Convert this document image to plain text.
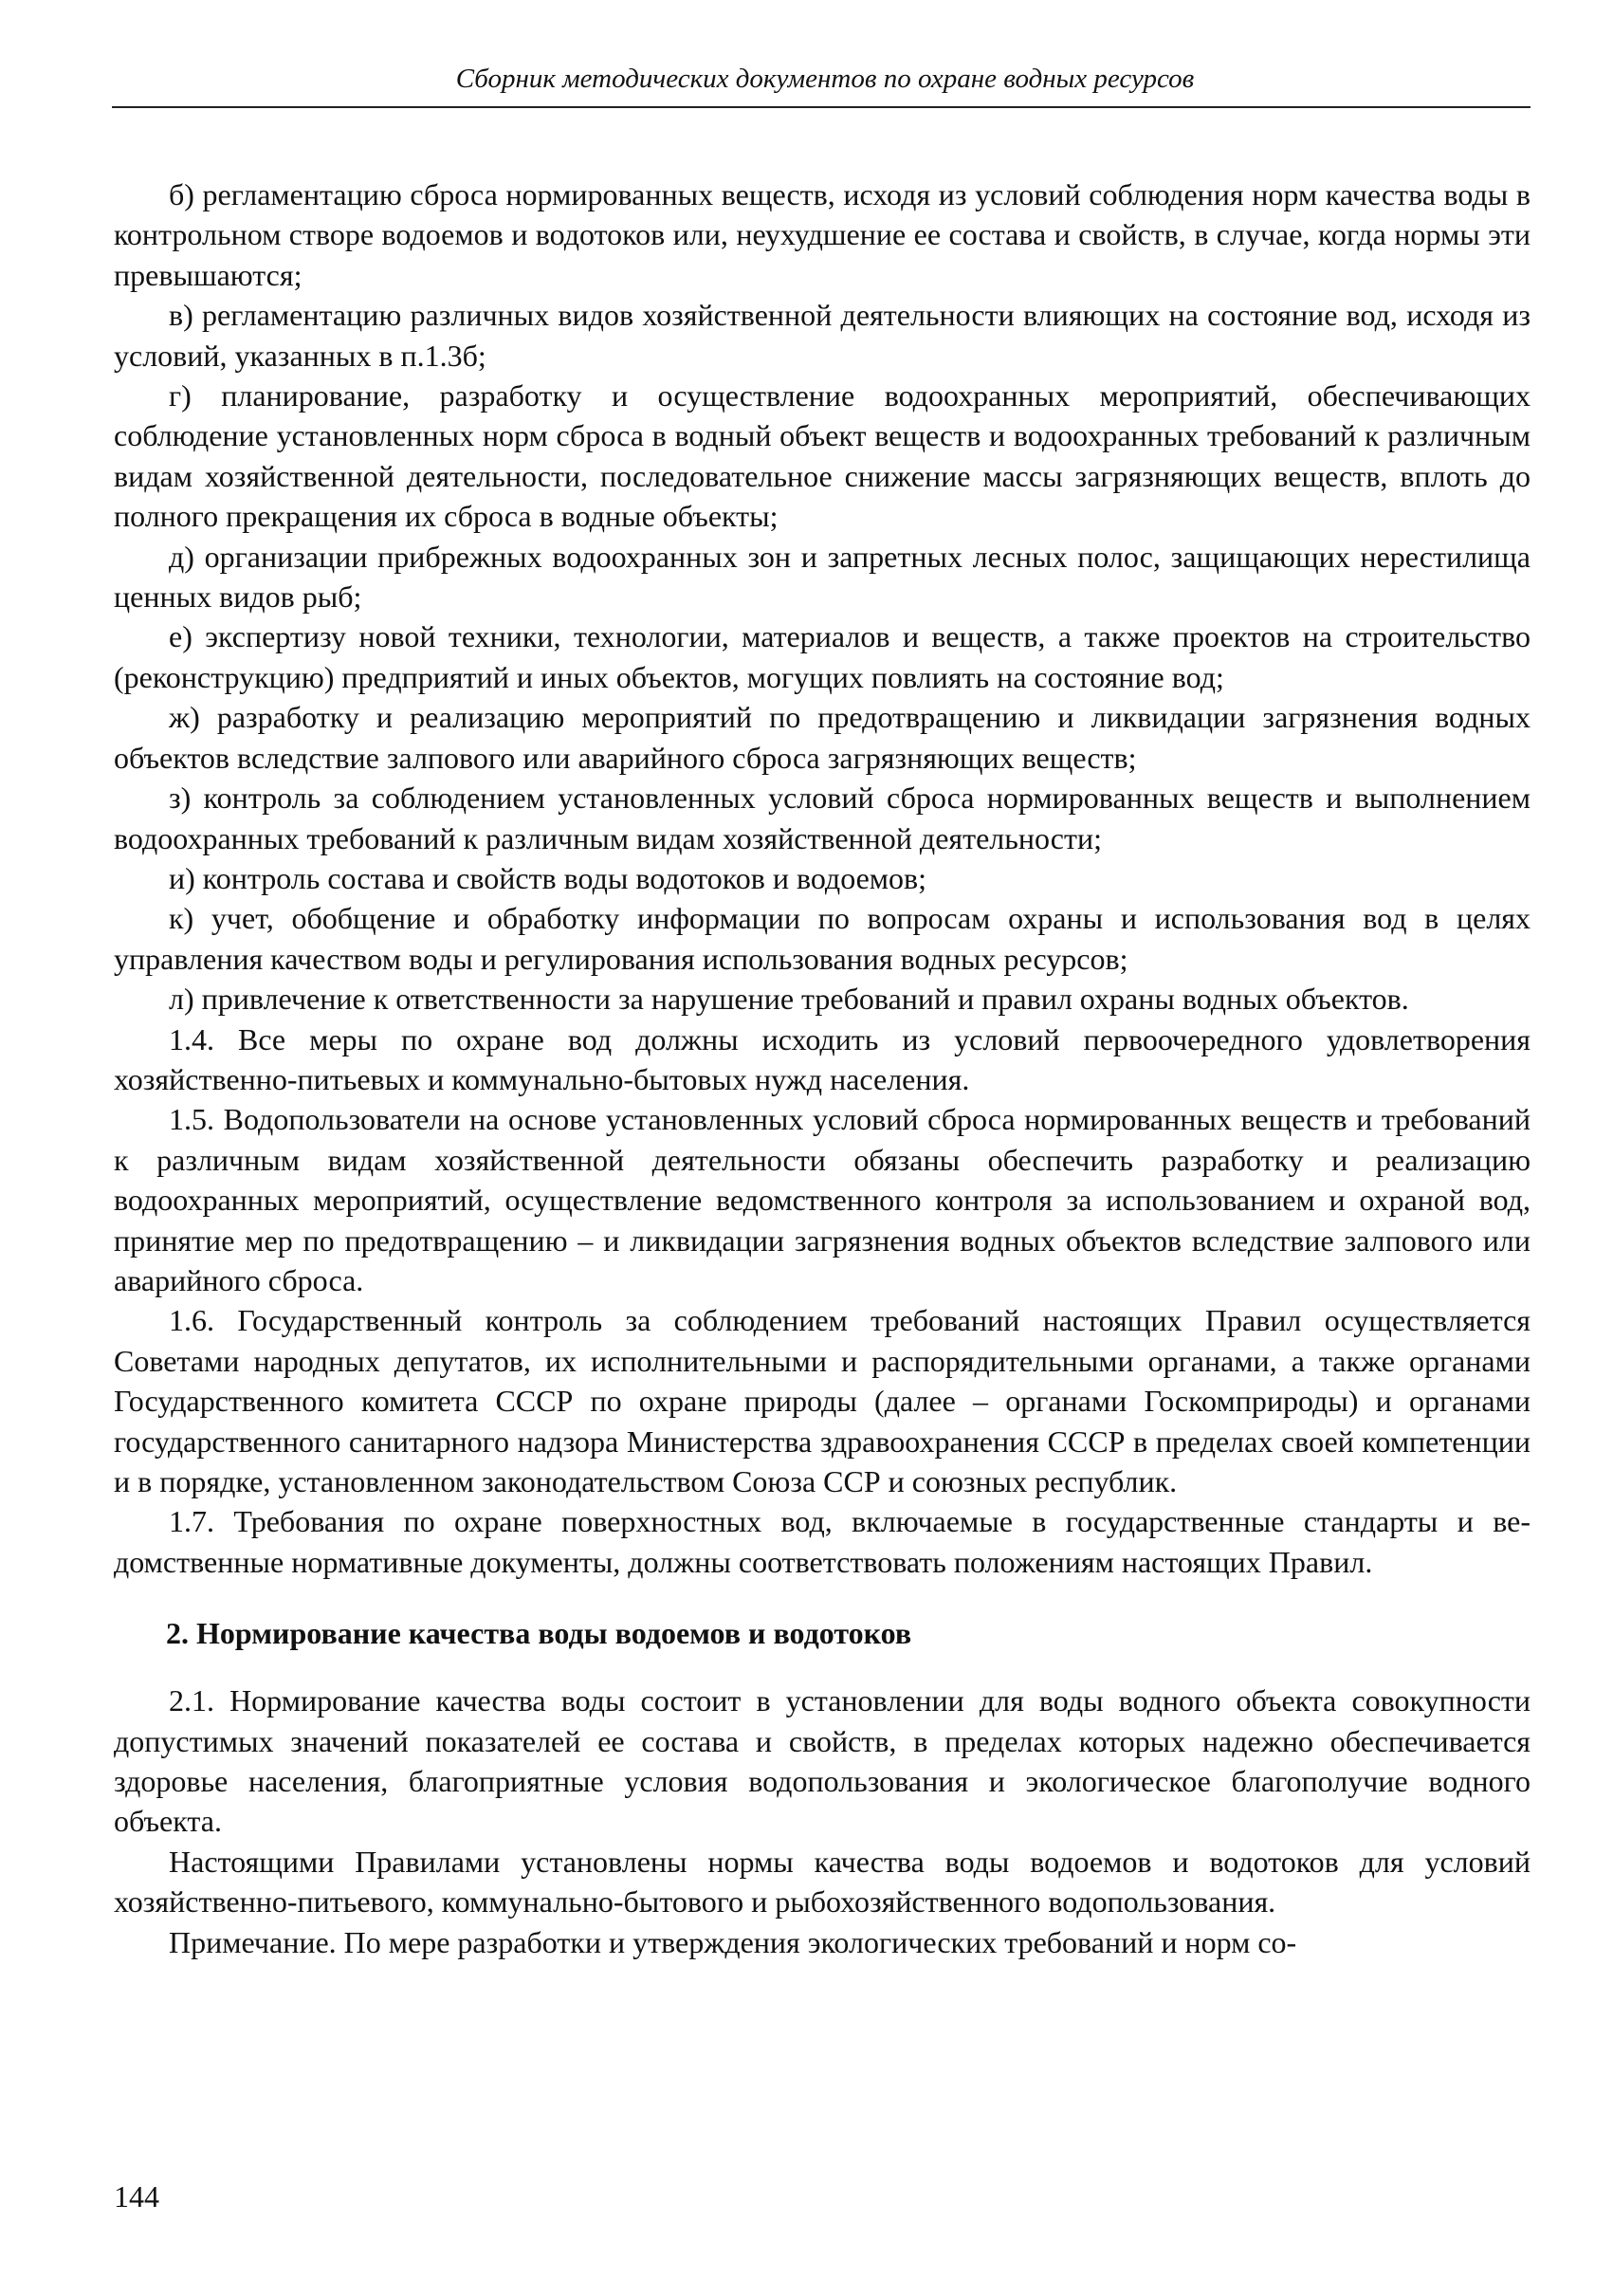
Сборник методических документов по охране водных ресурсов

б) регламентацию сброса нормированных веществ, исходя из условий соблюдения норм качества воды в контрольном створе водоемов и водотоков или, неухудшение ее состава и свойств, в случае, когда нормы эти превышаются;

в) регламентацию различных видов хозяйственной деятельности влияющих на состояние вод, исходя из условий, указанных в п.1.3б;

г) планирование, разработку и осуществление водоохранных мероприятий, обеспечивающих соблюдение установленных норм сброса в водный объект веществ и водоохранных требований к различным видам хозяйственной деятельности, последовательное снижение массы загрязняющих веществ, вплоть до полного прекращения их сброса в водные объекты;

д) организации прибрежных водоохранных зон и запретных лесных полос, защищающих нерестилища ценных видов рыб;

е) экспертизу новой техники, технологии, материалов и веществ, а также проектов на строительство (реконструкцию) предприятий и иных объектов, могущих повлиять на состояние вод;

ж) разработку и реализацию мероприятий по предотвращению и ликвидации загрязнения водных объектов вследствие залпового или аварийного сброса загрязняющих веществ;

з) контроль за соблюдением установленных условий сброса нормированных веществ и выполнением водоохранных требований к различным видам хозяйственной деятельности;

и) контроль состава и свойств воды водотоков и водоемов;

к) учет, обобщение и обработку информации по вопросам охраны и использования вод в целях управления качеством воды и регулирования использования водных ресурсов;

л) привлечение к ответственности за нарушение требований и правил охраны водных объектов.

1.4. Все меры по охране вод должны исходить из условий первоочередного удовлетворения хозяйственно-питьевых и коммунально-бытовых нужд населения.

1.5. Водопользователи на основе установленных условий сброса нормированных веществ и требований к различным видам хозяйственной деятельности обязаны обеспечить разработку и реализацию водоохранных мероприятий, осуществление ведомственного контроля за использованием и охраной вод, принятие мер по предотвращению – и ликвидации загрязнения водных объектов вследствие залпового или аварийного сброса.

1.6. Государственный контроль за соблюдением требований настоящих Правил осуществляется Советами народных депутатов, их исполнительными и распорядительными органами, а также органами Государственного комитета СССР по охране природы (далее – органами Госкомприроды) и органами государственного санитарного надзора Министерства здравоохранения СССР в пределах своей компетенции и в порядке, установленном законодательством Союза ССР и союзных республик.

1.7. Требования по охране поверхностных вод, включаемые в государственные стандарты и ведомственные нормативные документы, должны соответствовать положениям настоящих Правил.

2. Нормирование качества воды водоемов и водотоков

2.1. Нормирование качества воды состоит в установлении для воды водного объекта совокупности допустимых значений показателей ее состава и свойств, в пределах которых надежно обеспечивается здоровье населения, благоприятные условия водопользования и экологическое благополучие водного объекта.

Настоящими Правилами установлены нормы качества воды водоемов и водотоков для условий хозяйственно-питьевого, коммунально-бытового и рыбохозяйственного водопользования.

Примечание. По мере разработки и утверждения экологических требований и норм со-

144
